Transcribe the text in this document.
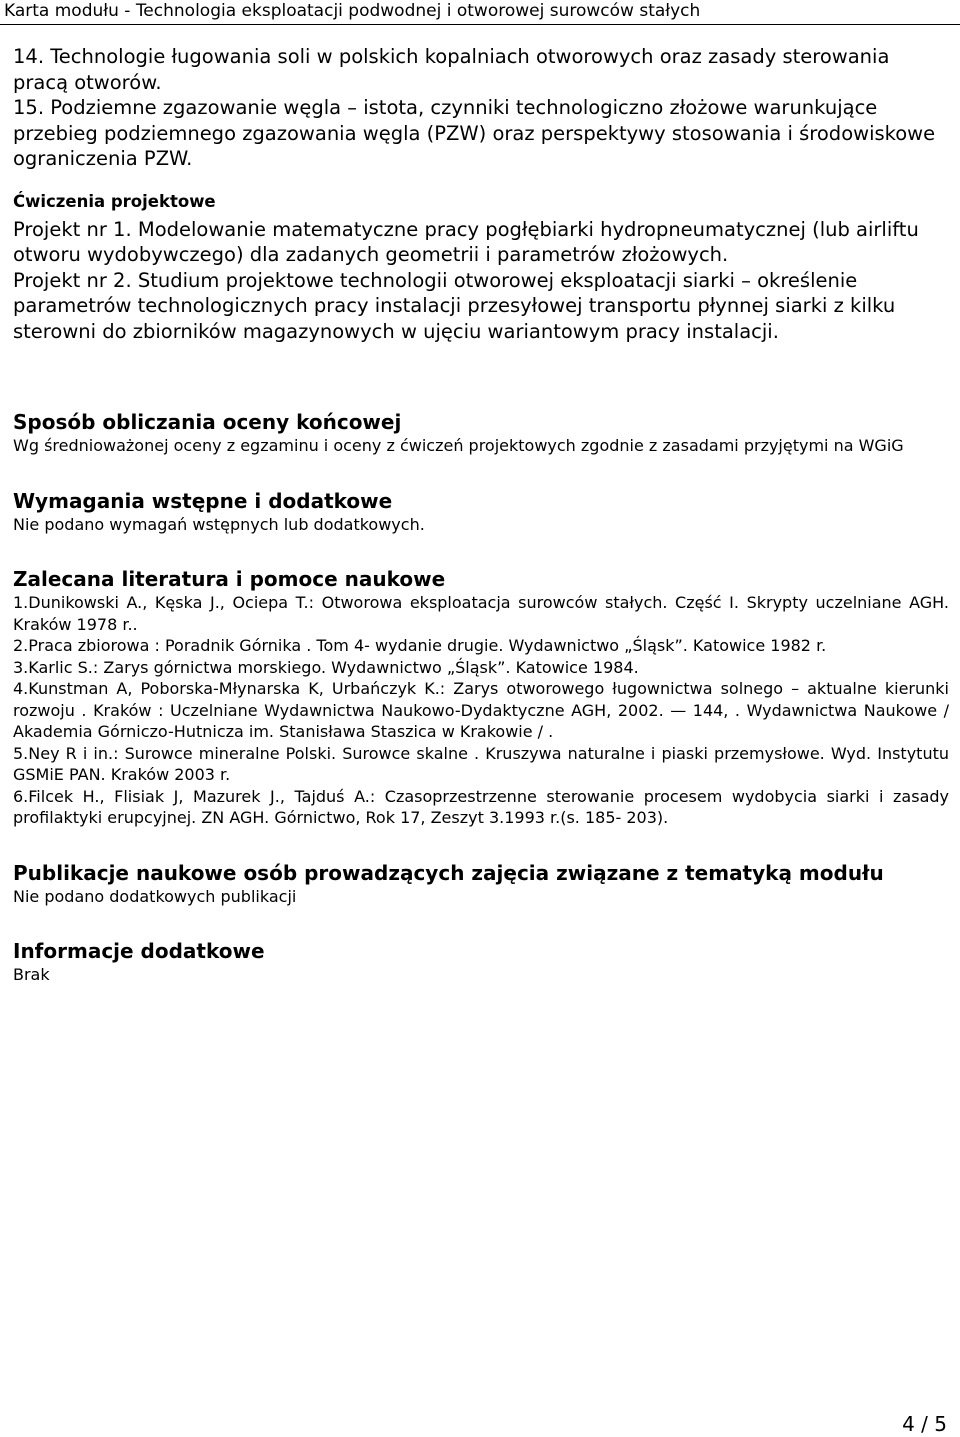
Karta modułu - Technologia eksploatacji podwodnej i otworowej surowców stałych

14. Technologie ługowania soli w polskich kopalniach otworowych oraz zasady sterowania pracą otworów.

15. Podziemne zgazowanie węgla – istota, czynniki technologiczno złożowe warunkujące przebieg podziemnego zgazowania węgla (PZW) oraz perspektywy stosowania i środowiskowe ograniczenia PZW.

Ćwiczenia projektowe

Projekt nr 1. Modelowanie matematyczne pracy pogłębiarki hydropneumatycznej (lub airliftu otworu wydobywczego) dla zadanych geometrii i parametrów złożowych.

Projekt nr 2. Studium projektowe technologii otworowej eksploatacji siarki – określenie parametrów technologicznych pracy instalacji przesyłowej transportu płynnej siarki z kilku sterowni do zbiorników magazynowych w ujęciu wariantowym pracy instalacji.

Sposób obliczania oceny końcowej

Wg średnioważonej oceny z egzaminu i oceny z ćwiczeń projektowych zgodnie z zasadami przyjętymi na WGiG

Wymagania wstępne i dodatkowe

Nie podano wymagań wstępnych lub dodatkowych.

Zalecana literatura i pomoce naukowe

1.Dunikowski A., Kęska J., Ociepa T.: Otworowa eksploatacja surowców stałych. Część I. Skrypty uczelniane AGH. Kraków 1978 r..

2.Praca zbiorowa : Poradnik Górnika . Tom 4- wydanie drugie. Wydawnictwo „Śląsk”. Katowice 1982 r.

3.Karlic S.: Zarys górnictwa morskiego. Wydawnictwo „Śląsk”. Katowice 1984.

4.Kunstman A, Poborska-Młynarska K, Urbańczyk K.: Zarys otworowego ługownictwa solnego – aktualne kierunki rozwoju . Kraków : Uczelniane Wydawnictwa Naukowo-Dydaktyczne AGH, 2002. — 144, . Wydawnictwa Naukowe / Akademia Górniczo-Hutnicza im. Stanisława Staszica w Krakowie / .

5.Ney R i in.: Surowce mineralne Polski. Surowce skalne . Kruszywa naturalne i piaski przemysłowe. Wyd. Instytutu GSMiE PAN. Kraków 2003 r.

6.Filcek H., Flisiak J, Mazurek J., Tajduś A.: Czasoprzestrzenne sterowanie procesem wydobycia siarki i zasady profilaktyki erupcyjnej. ZN AGH. Górnictwo, Rok 17, Zeszyt 3.1993 r.(s. 185- 203).

Publikacje naukowe osób prowadzących zajęcia związane z tematyką modułu

Nie podano dodatkowych publikacji

Informacje dodatkowe

Brak

4 / 5
